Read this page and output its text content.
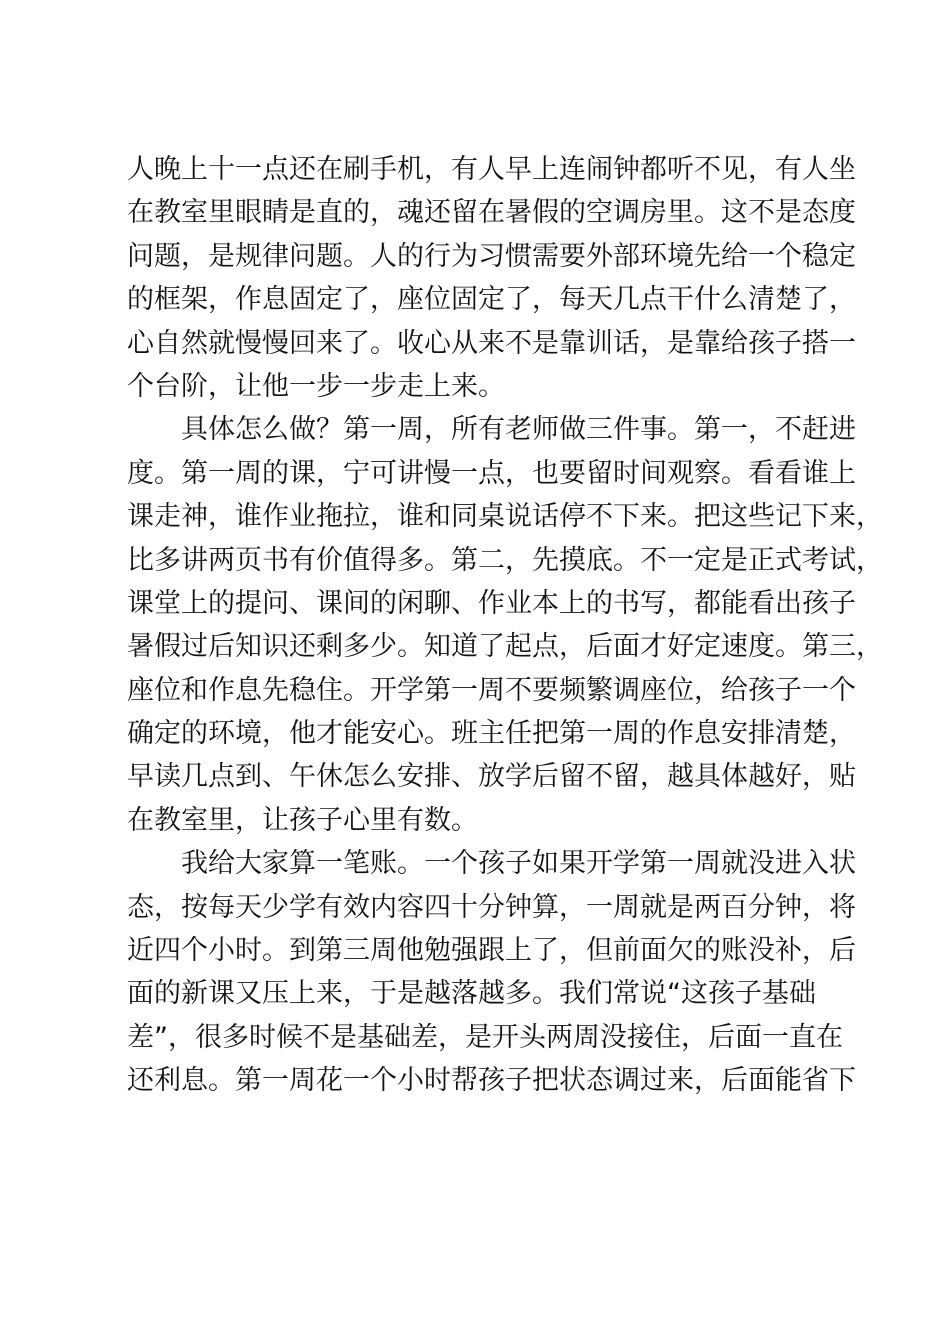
人晚上十一点还在刷手机，有人早上连闹钟都听不见，有人坐
在教室里眼睛是直的，魂还留在暑假的空调房里。这不是态度
问题，是规律问题。人的行为习惯需要外部环境先给一个稳定
的框架，作息固定了，座位固定了，每天几点干什么清楚了，
心自然就慢慢回来了。收心从来不是靠训话，是靠给孩子搭一
个台阶，让他一步一步走上来。
　　具体怎么做？第一周，所有老师做三件事。第一，不赶进
度。第一周的课，宁可讲慢一点，也要留时间观察。看看谁上
课走神，谁作业拖拉，谁和同桌说话停不下来。把这些记下来，
比多讲两页书有价值得多。第二，先摸底。不一定是正式考试，
课堂上的提问、课间的闲聊、作业本上的书写，都能看出孩子
暑假过后知识还剩多少。知道了起点，后面才好定速度。第三，
座位和作息先稳住。开学第一周不要频繁调座位，给孩子一个
确定的环境，他才能安心。班主任把第一周的作息安排清楚，
早读几点到、午休怎么安排、放学后留不留，越具体越好，贴
在教室里，让孩子心里有数。
　　我给大家算一笔账。一个孩子如果开学第一周就没进入状
态，按每天少学有效内容四十分钟算，一周就是两百分钟，将
近四个小时。到第三周他勉强跟上了，但前面欠的账没补，后
面的新课又压上来，于是越落越多。我们常说“这孩子基础
差”，很多时候不是基础差，是开头两周没接住，后面一直在
还利息。第一周花一个小时帮孩子把状态调过来，后面能省下
